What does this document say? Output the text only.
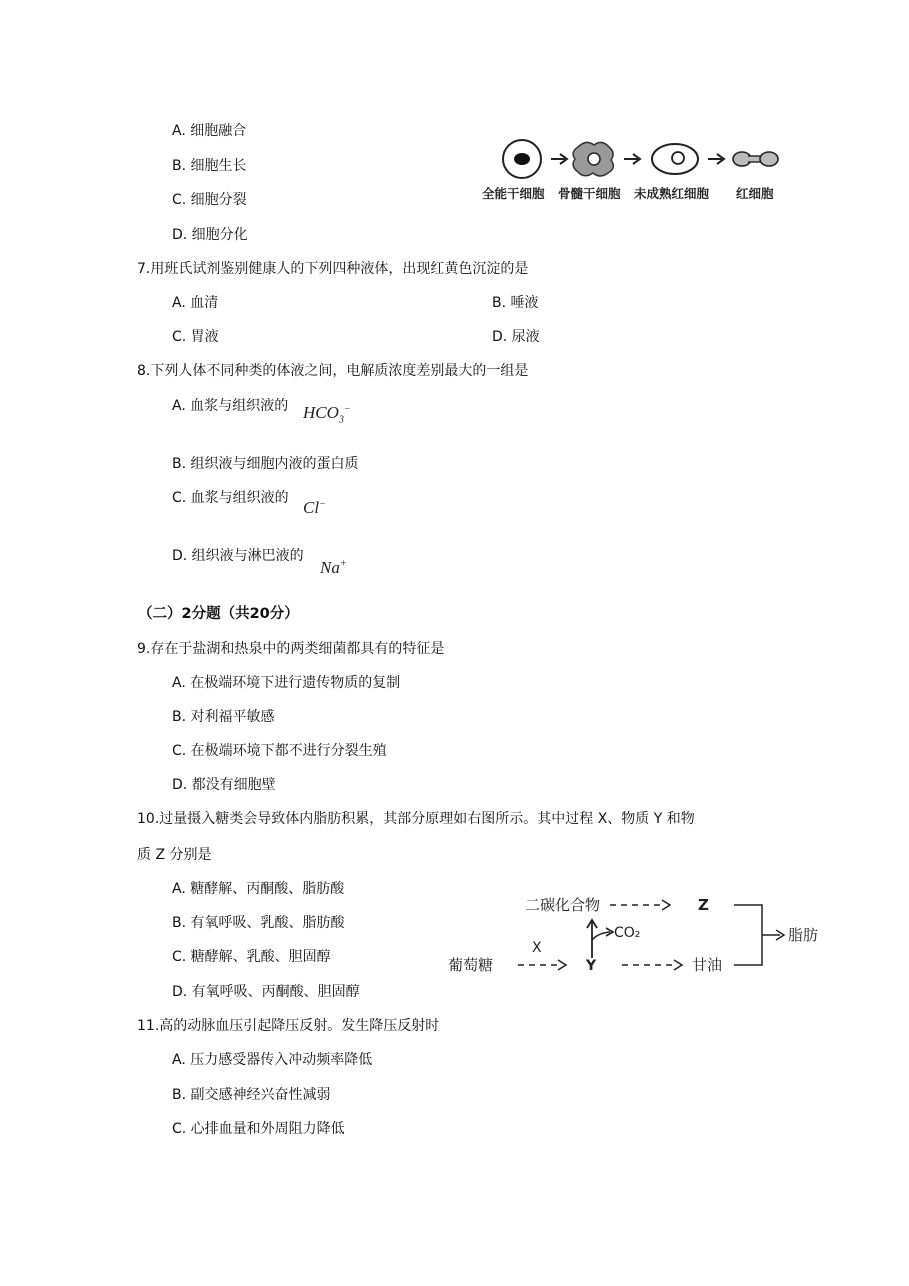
A. 细胞融合
B. 细胞生长
C. 细胞分裂
D. 细胞分化
全能干细胞 骨髓干细胞 未成熟红细胞 红细胞
7.用班氏试剂鉴别健康人的下列四种液体，出现红黄色沉淀的是
A. 血清	B. 唾液
C. 胃液	D. 尿液
8.下列人体不同种类的体液之间，电解质浓度差别最大的一组是
A. 血浆与组织液的 $HCO_3^-$
B. 组织液与细胞内液的蛋白质
C. 血浆与组织液的 Cl−
D. 组织液与淋巴液的
Na+
（二）2分题（共20分）
9.存在于盐湖和热泉中的两类细菌都具有的特征是
A. 在极端环境下进行遗传物质的复制
B. 对利福平敏感
C. 在极端环境下都不进行分裂生殖
D. 都没有细胞壁
10.过量摄入糖类会导致体内脂肪积累，其部分原理如右图所示。其中过程 X、物质 Y 和物
质 Z 分别是
A. 糖酵解、丙酮酸、脂肪酸
B. 有氧呼吸、乳酸、脂肪酸
C. 糖酵解、乳酸、胆固醇
D. 有氧呼吸、丙酮酸、胆固醇
二碳化合物	Z
CO₂
X
葡萄糖	Y	甘油
脂肪
11.高的动脉血压引起降压反射。发生降压反射时
A. 压力感受器传入冲动频率降低
B. 副交感神经兴奋性减弱
C. 心排血量和外周阻力降低
